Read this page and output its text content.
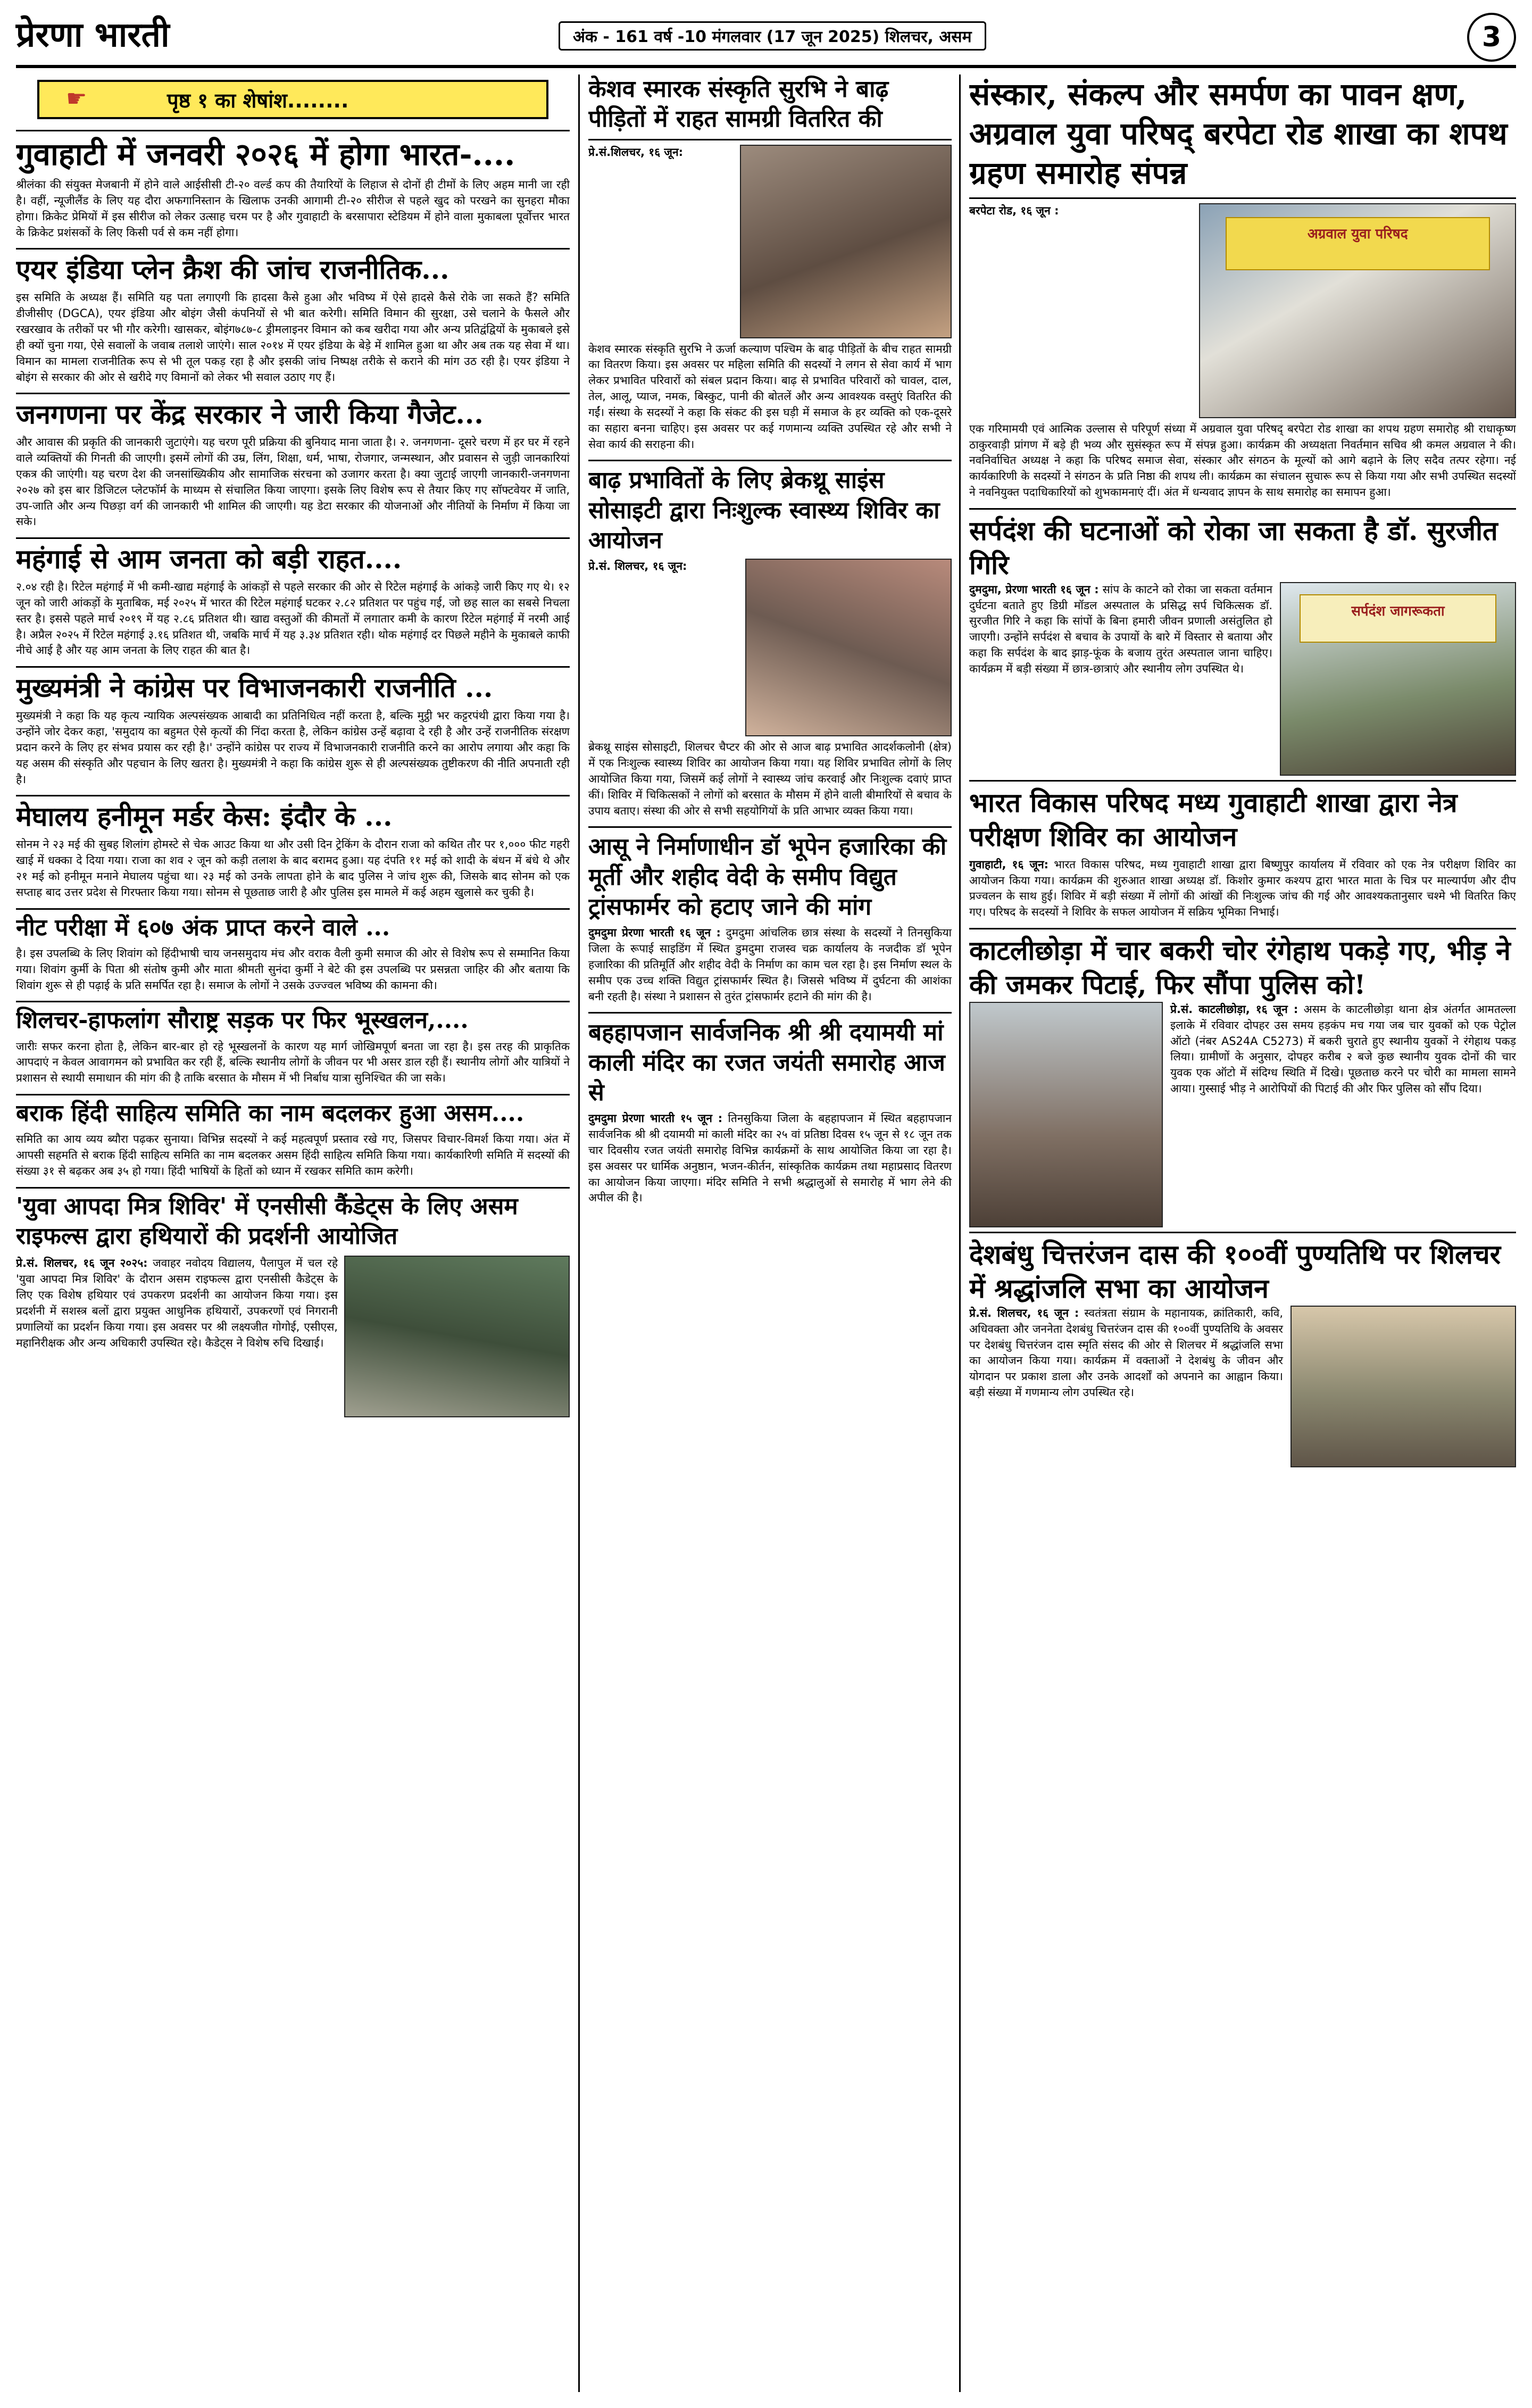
प्रेरणा भारती	अंक - 161 वर्ष -10 मंगलवार (17 जून 2025) शिलचर, असम	3
☛	पृष्ठ १ का शेषांश........
गुवाहाटी में जनवरी २०२६ में होगा भारत-....

श्रीलंका की संयुक्त मेजबानी में होने वाले आईसीसी टी-२० वर्ल्ड कप की तैयारियों के लिहाज से दोनों ही टीमों के लिए अहम मानी जा रही है। वहीं, न्यूजीलैंड के लिए यह दौरा अफगानिस्तान के खिलाफ उनकी आगामी टी-२० सीरीज से पहले खुद को परखने का सुनहरा मौका होगा। क्रिकेट प्रेमियों में इस सीरीज को लेकर उत्साह चरम पर है और गुवाहाटी के बरसापारा स्टेडियम में होने वाला मुकाबला पूर्वोत्तर भारत के क्रिकेट प्रशंसकों के लिए किसी पर्व से कम नहीं होगा।

एयर इंडिया प्लेन क्रैश की जांच राजनीतिक...

इस समिति के अध्यक्ष हैं। समिति यह पता लगाएगी कि हादसा कैसे हुआ और भविष्य में ऐसे हादसे कैसे रोके जा सकते हैं? समिति डीजीसीए (DGCA), एयर इंडिया और बोइंग जैसी कंपनियों से भी बात करेगी। समिति विमान की सुरक्षा, उसे चलाने के फैसले और रखरखाव के तरीकों पर भी गौर करेगी। खासकर, बोइंग७८७-८ ड्रीमलाइनर विमान को कब खरीदा गया और अन्य प्रतिद्वंद्वियों के मुकाबले इसे ही क्यों चुना गया, ऐसे सवालों के जवाब तलाशे जाएंगे। साल २०१४ में एयर इंडिया के बेड़े में शामिल हुआ था और अब तक यह सेवा में था। विमान का मामला राजनीतिक रूप से भी तूल पकड़ रहा है और इसकी जांच निष्पक्ष तरीके से कराने की मांग उठ रही है। एयर इंडिया ने बोइंग से सरकार की ओर से खरीदे गए विमानों को लेकर भी सवाल उठाए गए हैं।

जनगणना पर केंद्र सरकार ने जारी किया गैजेट...

और आवास की प्रकृति की जानकारी जुटाएंगे। यह चरण पूरी प्रक्रिया की बुनियाद माना जाता है। २. जनगणना- दूसरे चरण में हर घर में रहने वाले व्यक्तियों की गिनती की जाएगी। इसमें लोगों की उम्र, लिंग, शिक्षा, धर्म, भाषा, रोजगार, जन्मस्थान, और प्रवासन से जुड़ी जानकारियां एकत्र की जाएंगी। यह चरण देश की जनसांख्यिकीय और सामाजिक संरचना को उजागर करता है। क्या जुटाई जाएगी जानकारी-जनगणना २०२७ को इस बार डिजिटल प्लेटफॉर्म के माध्यम से संचालित किया जाएगा। इसके लिए विशेष रूप से तैयार किए गए सॉफ्टवेयर में जाति, उप-जाति और अन्य पिछड़ा वर्ग की जानकारी भी शामिल की जाएगी। यह डेटा सरकार की योजनाओं और नीतियों के निर्माण में किया जा सके।

महंगाई से आम जनता को बड़ी राहत....

२.०४ रही है। रिटेल महंगाई में भी कमी-खाद्य महंगाई के आंकड़ों से पहले सरकार की ओर से रिटेल महंगाई के आंकड़े जारी किए गए थे। १२ जून को जारी आंकड़ों के मुताबिक, मई २०२५ में भारत की रिटेल महंगाई घटकर २.८२ प्रतिशत पर पहुंच गई, जो छह साल का सबसे निचला स्तर है। इससे पहले मार्च २०१९ में यह २.८६ प्रतिशत थी। खाद्य वस्तुओं की कीमतों में लगातार कमी के कारण रिटेल महंगाई में नरमी आई है। अप्रैल २०२५ में रिटेल महंगाई ३.१६ प्रतिशत थी, जबकि मार्च में यह ३.३४ प्रतिशत रही। थोक महंगाई दर पिछले महीने के मुकाबले काफी नीचे आई है और यह आम जनता के लिए राहत की बात है।

मुख्यमंत्री ने कांग्रेस पर विभाजनकारी राजनीति ...

मुख्यमंत्री ने कहा कि यह कृत्य न्यायिक अल्पसंख्यक आबादी का प्रतिनिधित्व नहीं करता है, बल्कि मुट्ठी भर कट्टरपंथी द्वारा किया गया है। उन्होंने जोर देकर कहा, 'समुदाय का बहुमत ऐसे कृत्यों की निंदा करता है, लेकिन कांग्रेस उन्हें बढ़ावा दे रही है और उन्हें राजनीतिक संरक्षण प्रदान करने के लिए हर संभव प्रयास कर रही है।' उन्होंने कांग्रेस पर राज्य में विभाजनकारी राजनीति करने का आरोप लगाया और कहा कि यह असम की संस्कृति और पहचान के लिए खतरा है। मुख्यमंत्री ने कहा कि कांग्रेस शुरू से ही अल्पसंख्यक तुष्टीकरण की नीति अपनाती रही है।

मेघालय हनीमून मर्डर केस: इंदौर के ...

सोनम ने २३ मई की सुबह शिलांग होमस्टे से चेक आउट किया था और उसी दिन ट्रेकिंग के दौरान राजा को कथित तौर पर १,००० फीट गहरी खाई में धक्का दे दिया गया। राजा का शव २ जून को कड़ी तलाश के बाद बरामद हुआ। यह दंपति ११ मई को शादी के बंधन में बंधे थे और २१ मई को हनीमून मनाने मेघालय पहुंचा था। २३ मई को उनके लापता होने के बाद पुलिस ने जांच शुरू की, जिसके बाद सोनम को एक सप्ताह बाद उत्तर प्रदेश से गिरफ्तार किया गया। सोनम से पूछताछ जारी है और पुलिस इस मामले में कई अहम खुलासे कर चुकी है।

नीट परीक्षा में ६०७ अंक प्राप्त करने वाले ...

है। इस उपलब्धि के लिए शिवांग को हिंदीभाषी चाय जनसमुदाय मंच और वराक वैली कुमी समाज की ओर से विशेष रूप से सम्मानित किया गया। शिवांग कुर्मी के पिता श्री संतोष कुमी और माता श्रीमती सुनंदा कुर्मी ने बेटे की इस उपलब्धि पर प्रसन्नता जाहिर की और बताया कि शिवांग शुरू से ही पढ़ाई के प्रति समर्पित रहा है। समाज के लोगों ने उसके उज्ज्वल भविष्य की कामना की।

शिलचर-हाफलांग सौराष्ट्र सड़क पर फिर भूस्खलन,....

जारीः सफर करना होता है, लेकिन बार-बार हो रहे भूस्खलनों के कारण यह मार्ग जोखिमपूर्ण बनता जा रहा है। इस तरह की प्राकृतिक आपदाएं न केवल आवागमन को प्रभावित कर रही हैं, बल्कि स्थानीय लोगों के जीवन पर भी असर डाल रही हैं। स्थानीय लोगों और यात्रियों ने प्रशासन से स्थायी समाधान की मांग की है ताकि बरसात के मौसम में भी निर्बाध यात्रा सुनिश्चित की जा सके।

बराक हिंदी साहित्य समिति का नाम बदलकर हुआ असम....

समिति का आय व्यय ब्यौरा पढ़कर सुनाया। विभिन्न सदस्यों ने कई महत्वपूर्ण प्रस्ताव रखे गए, जिसपर विचार-विमर्श किया गया। अंत में आपसी सहमति से बराक हिंदी साहित्य समिति का नाम बदलकर असम हिंदी साहित्य समिति किया गया। कार्यकारिणी समिति में सदस्यों की संख्या ३१ से बढ़कर अब ३५ हो गया। हिंदी भाषियों के हितों को ध्यान में रखकर समिति काम करेगी।

'युवा आपदा मित्र शिविर' में एनसीसी कैंडेट्स के लिए असम राइफल्स द्वारा हथियारों की प्रदर्शनी आयोजित

प्रे.सं. शिलचर, १६ जून २०२५: जवाहर नवोदय विद्यालय, पैलापुल में चल रहे 'युवा आपदा मित्र शिविर' के दौरान असम राइफल्स द्वारा एनसीसी कैडेट्स के लिए एक विशेष हथियार एवं उपकरण प्रदर्शनी का आयोजन किया गया। इस प्रदर्शनी में सशस्त्र बलों द्वारा प्रयुक्त आधुनिक हथियारों, उपकरणों एवं निगरानी प्रणालियों का प्रदर्शन किया गया। इस अवसर पर श्री लक्ष्यजीत गोगोई, एसीएस, महानिरीक्षक और अन्य अधिकारी उपस्थित रहे। कैडेट्स ने विशेष रुचि दिखाई।

केशव स्मारक संस्कृति सुरभि ने बाढ़ पीड़ितों में राहत सामग्री वितरित की

प्रे.सं.शिलचर, १६ जून:

केशव स्मारक संस्कृति सुरभि ने ऊर्जा कल्याण पश्चिम के बाढ़ पीड़ितों के बीच राहत सामग्री का वितरण किया। इस अवसर पर महिला समिति की सदस्यों ने लगन से सेवा कार्य में भाग लेकर प्रभावित परिवारों को संबल प्रदान किया। बाढ़ से प्रभावित परिवारों को चावल, दाल, तेल, आलू, प्याज, नमक, बिस्कुट, पानी की बोतलें और अन्य आवश्यक वस्तुएं वितरित की गईं। संस्था के सदस्यों ने कहा कि संकट की इस घड़ी में समाज के हर व्यक्ति को एक-दूसरे का सहारा बनना चाहिए। इस अवसर पर कई गणमान्य व्यक्ति उपस्थित रहे और सभी ने सेवा कार्य की सराहना की।

बाढ़ प्रभावितों के लिए ब्रेकथ्रू साइंस सोसाइटी द्वारा निःशुल्क स्वास्थ्य शिविर का आयोजन

प्रे.सं. शिलचर, १६ जून:

ब्रेकथ्रू साइंस सोसाइटी, शिलचर चैप्टर की ओर से आज बाढ़ प्रभावित आदर्शकलोनी (क्षेत्र) में एक निःशुल्क स्वास्थ्य शिविर का आयोजन किया गया। यह शिविर प्रभावित लोगों के लिए आयोजित किया गया, जिसमें कई लोगों ने स्वास्थ्य जांच करवाई और निःशुल्क दवाएं प्राप्त कीं। शिविर में चिकित्सकों ने लोगों को बरसात के मौसम में होने वाली बीमारियों से बचाव के उपाय बताए। संस्था की ओर से सभी सहयोगियों के प्रति आभार व्यक्त किया गया।

आसू ने निर्माणाधीन डॉ भूपेन हजारिका की मूर्ती और शहीद वेदी के समीप विद्युत ट्रांसफार्मर को हटाए जाने की मांग

दुमदुमा प्रेरणा भारती १६ जून : दुमदुमा आंचलिक छात्र संस्था के सदस्यों ने तिनसुकिया जिला के रूपाई साइडिंग में स्थित डुमदुमा राजस्व चक्र कार्यालय के नजदीक डॉ भूपेन हजारिका की प्रतिमूर्ति और शहीद वेदी के निर्माण का काम चल रहा है। इस निर्माण स्थल के समीप एक उच्च शक्ति विद्युत ट्रांसफार्मर स्थित है। जिससे भविष्य में दुर्घटना की आशंका बनी रहती है। संस्था ने प्रशासन से तुरंत ट्रांसफार्मर हटाने की मांग की है।

बहहापजान सार्वजनिक श्री श्री दयामयी मां काली मंदिर का रजत जयंती समारोह आज से

दुमदुमा प्रेरणा भारती १५ जून : तिनसुकिया जिला के बहहापजान में स्थित बहहापजान सार्वजनिक श्री श्री दयामयी मां काली मंदिर का २५ वां प्रतिष्ठा दिवस १५ जून से १८ जून तक चार दिवसीय रजत जयंती समारोह विभिन्न कार्यक्रमों के साथ आयोजित किया जा रहा है। इस अवसर पर धार्मिक अनुष्ठान, भजन-कीर्तन, सांस्कृतिक कार्यक्रम तथा महाप्रसाद वितरण का आयोजन किया जाएगा। मंदिर समिति ने सभी श्रद्धालुओं से समारोह में भाग लेने की अपील की है।

संस्कार, संकल्प और समर्पण का पावन क्षण, अग्रवाल युवा परिषद् बरपेटा रोड शाखा का शपथ ग्रहण समारोह संपन्न

बरपेटा रोड, १६ जून :

अग्रवाल युवा परिषद

एक गरिमामयी एवं आत्मिक उल्लास से परिपूर्ण संध्या में अग्रवाल युवा परिषद् बरपेटा रोड शाखा का शपथ ग्रहण समारोह श्री राधाकृष्ण ठाकुरवाड़ी प्रांगण में बड़े ही भव्य और सुसंस्कृत रूप में संपन्न हुआ। कार्यक्रम की अध्यक्षता निवर्तमान सचिव श्री कमल अग्रवाल ने की। नवनिर्वाचित अध्यक्ष ने कहा कि परिषद समाज सेवा, संस्कार और संगठन के मूल्यों को आगे बढ़ाने के लिए सदैव तत्पर रहेगा। नई कार्यकारिणी के सदस्यों ने संगठन के प्रति निष्ठा की शपथ ली। कार्यक्रम का संचालन सुचारू रूप से किया गया और सभी उपस्थित सदस्यों ने नवनियुक्त पदाधिकारियों को शुभकामनाएं दीं। अंत में धन्यवाद ज्ञापन के साथ समारोह का समापन हुआ।

सर्पदंश की घटनाओं को रोका जा सकता है डॉ. सुरजीत गिरि

दुमदुमा, प्रेरणा भारती १६ जून : सांप के काटने को रोका जा सकता वर्तमान दुर्घटना बताते हुए डिग्री मॉडल अस्पताल के प्रसिद्ध सर्प चिकित्सक डॉ. सुरजीत गिरि ने कहा कि सांपों के बिना हमारी जीवन प्रणाली असंतुलित हो जाएगी। उन्होंने सर्पदंश से बचाव के उपायों के बारे में विस्तार से बताया और कहा कि सर्पदंश के बाद झाड़-फूंक के बजाय तुरंत अस्पताल जाना चाहिए। कार्यक्रम में बड़ी संख्या में छात्र-छात्राएं और स्थानीय लोग उपस्थित थे।

सर्पदंश जागरूकता
भारत विकास परिषद मध्य गुवाहाटी शाखा द्वारा नेत्र परीक्षण शिविर का आयोजन

गुवाहाटी, १६ जून: भारत विकास परिषद, मध्य गुवाहाटी शाखा द्वारा बिष्णुपुर कार्यालय में रविवार को एक नेत्र परीक्षण शिविर का आयोजन किया गया। कार्यक्रम की शुरुआत शाखा अध्यक्ष डॉ. किशोर कुमार कश्यप द्वारा भारत माता के चित्र पर माल्यार्पण और दीप प्रज्वलन के साथ हुई। शिविर में बड़ी संख्या में लोगों की आंखों की निःशुल्क जांच की गई और आवश्यकतानुसार चश्मे भी वितरित किए गए। परिषद के सदस्यों ने शिविर के सफल आयोजन में सक्रिय भूमिका निभाई।

काटलीछोड़ा में चार बकरी चोर रंगेहाथ पकड़े गए, भीड़ ने की जमकर पिटाई, फिर सौंपा पुलिस को!

प्रे.सं. काटलीछोड़ा, १६ जून : असम के काटलीछोड़ा थाना क्षेत्र अंतर्गत आमतल्ला इलाके में रविवार दोपहर उस समय हड़कंप मच गया जब चार युवकों को एक पेट्रोल ऑटो (नंबर AS24A C5273) में बकरी चुराते हुए स्थानीय युवकों ने रंगेहाथ पकड़ लिया। ग्रामीणों के अनुसार, दोपहर करीब २ बजे कुछ स्थानीय युवक दोनों की चार युवक एक ऑटो में संदिग्ध स्थिति में दिखे। पूछताछ करने पर चोरी का मामला सामने आया। गुस्साई भीड़ ने आरोपियों की पिटाई की और फिर पुलिस को सौंप दिया।

देशबंधु चित्तरंजन दास की १००वीं पुण्यतिथि पर शिलचर में श्रद्धांजलि सभा का आयोजन

प्रे.सं. शिलचर, १६ जून : स्वतंत्रता संग्राम के महानायक, क्रांतिकारी, कवि, अधिवक्ता और जननेता देशबंधु चित्तरंजन दास की १००वीं पुण्यतिथि के अवसर पर देशबंधु चित्तरंजन दास स्मृति संसद की ओर से शिलचर में श्रद्धांजलि सभा का आयोजन किया गया। कार्यक्रम में वक्ताओं ने देशबंधु के जीवन और योगदान पर प्रकाश डाला और उनके आदर्शों को अपनाने का आह्वान किया। बड़ी संख्या में गणमान्य लोग उपस्थित रहे।
